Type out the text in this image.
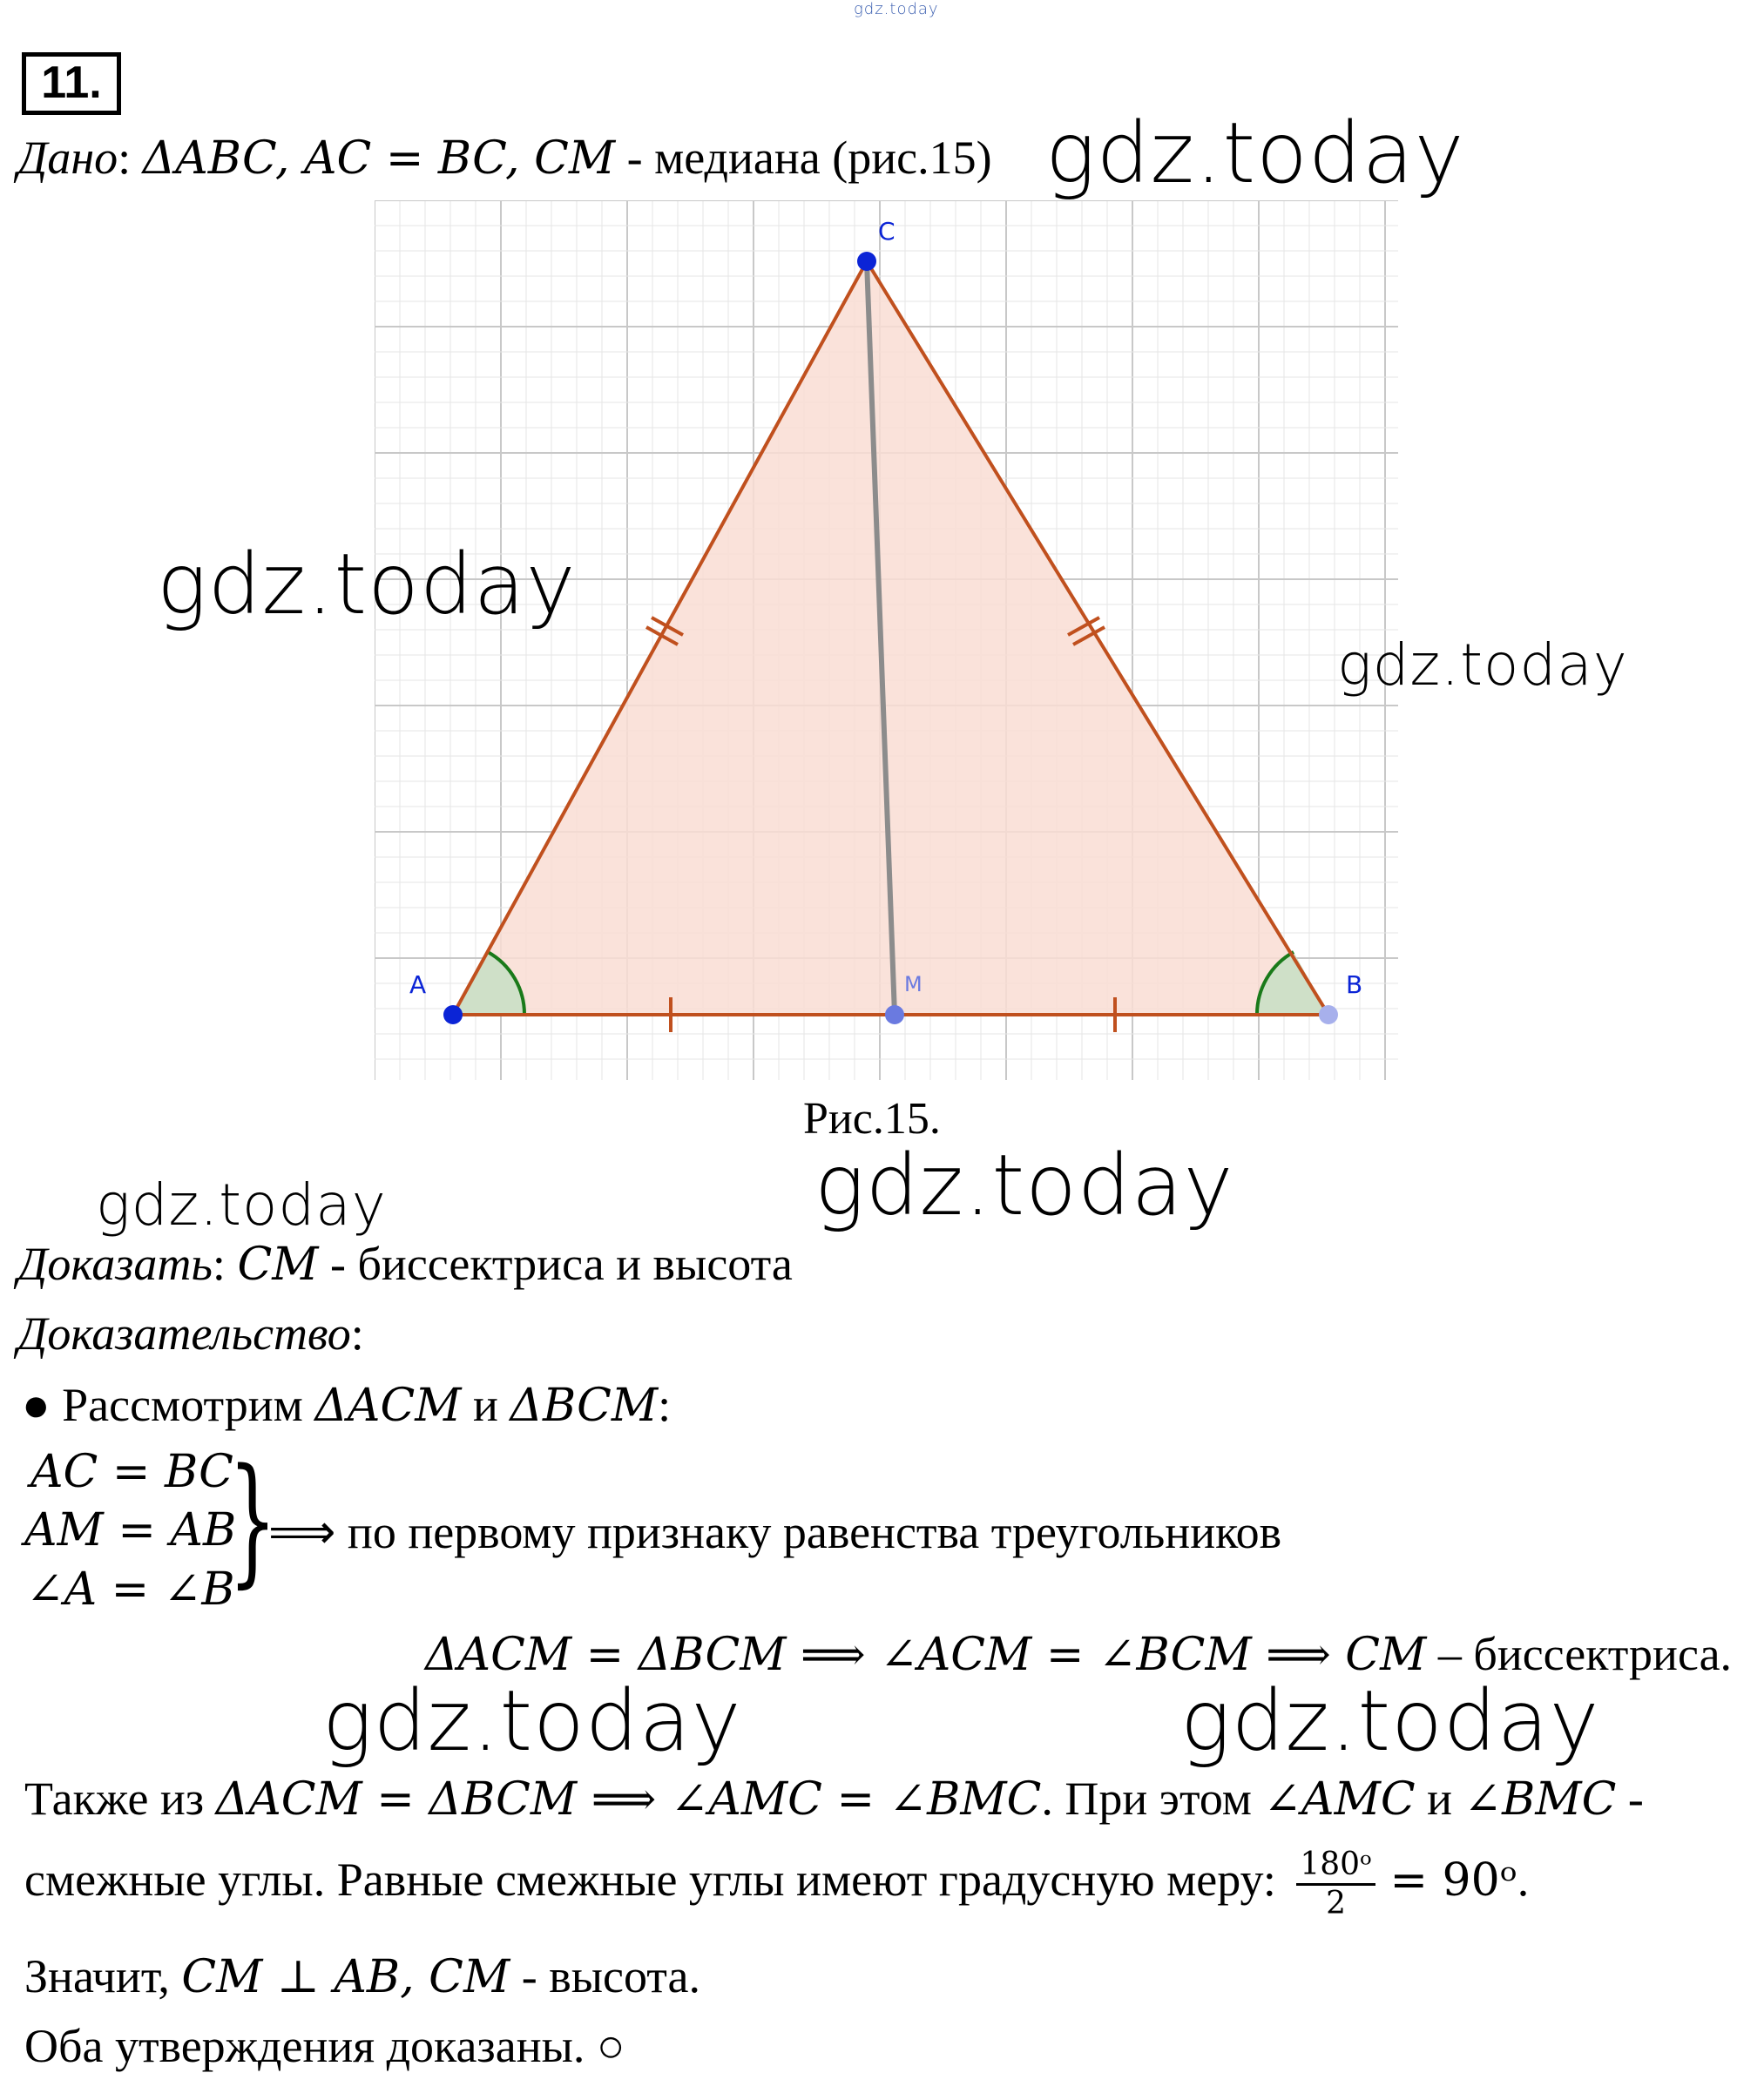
gdz.today
11.
Дано: ΔABC, AC = BC, CM - медиана (рис.15) gdz.today
C
A	M	B
gdz.today
gdz.today
Рис.15.
gdz.today
gdz.today
Доказать: CM - биссектриса и высота
Доказательство:
● Рассмотрим ΔACM и ΔBCM:
AC = BC
AM = AB
∠A = ∠B
}
⟹ по первому признаку равенства треугольников
ΔACM = ΔBCM ⟹ ∠ACM = ∠BCM ⟹ CM – биссектриса.
gdz.today	gdz.today
Также из ΔACM = ΔBCM ⟹ ∠AMC = ∠BMC. При этом ∠AMC и ∠BMC -
смежные углы. Равные смежные углы имеют градусную меру: $\frac{\text{180ᵒ}}{2}$ = 90ᵒ.
Значит, CM ⊥ AB, CM - высота.
Оба утверждения доказаны. ○
